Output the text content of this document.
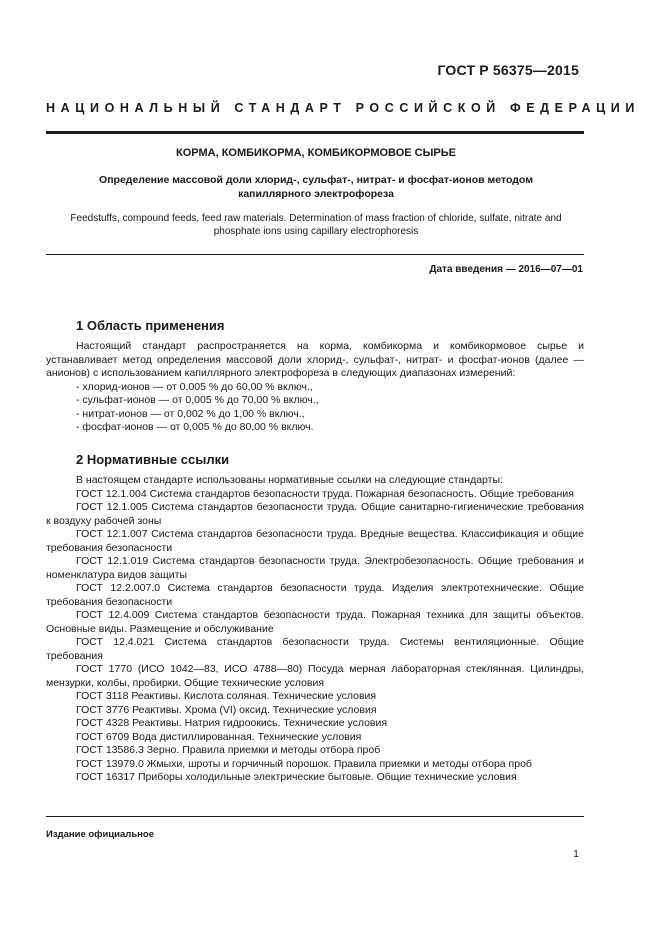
ГОСТ Р 56375—2015
НАЦИОНАЛЬНЫЙ СТАНДАРТ РОССИЙСКОЙ ФЕДЕРАЦИИ
КОРМА, КОМБИКОРМА, КОМБИКОРМОВОЕ СЫРЬЕ
Определение массовой доли хлорид-, сульфат-, нитрат- и фосфат-ионов методом капиллярного электрофореза
Feedstuffs, compound feeds, feed raw materials. Determination of mass fraction of chloride, sulfate, nitrate and phosphate ions using capillary electrophoresis
Дата введения — 2016—07—01
1 Область применения

Настоящий стандарт распространяется на корма, комбикорма и комбикормовое сырье и устанавливает метод определения массовой доли хлорид-, сульфат-, нитрат- и фосфат-ионов (далее — анионов) с использованием капиллярного электрофореза в следующих диапазонах измерений:

- хлорид-ионов — от 0,005 % до 60,00 % включ.,

- сульфат-ионов — от 0,005 % до 70,00 % включ.,

- нитрат-ионов — от 0,002 % до 1,00 % включ.,

- фосфат-ионов — от 0,005 % до 80,00 % включ.

2 Нормативные ссылки

В настоящем стандарте использованы нормативные ссылки на следующие стандарты:

ГОСТ 12.1.004 Система стандартов безопасности труда. Пожарная безопасность. Общие требования

ГОСТ 12.1.005 Система стандартов безопасности труда. Общие санитарно-гигиенические требования к воздуху рабочей зоны

ГОСТ 12.1.007 Система стандартов безопасности труда. Вредные вещества. Классификация и общие требования безопасности

ГОСТ 12.1.019 Система стандартов безопасности труда. Электробезопасность. Общие требования и номенклатура видов защиты

ГОСТ 12.2.007.0 Система стандартов безопасности труда. Изделия электротехнические. Общие требования безопасности

ГОСТ 12.4.009 Система стандартов безопасности труда. Пожарная техника для защиты объектов. Основные виды. Размещение и обслуживание

ГОСТ 12.4.021 Система стандартов безопасности труда. Системы вентиляционные. Общие требования

ГОСТ 1770 (ИСО 1042—83, ИСО 4788—80) Посуда мерная лабораторная стеклянная. Цилиндры, мензурки, колбы, пробирки. Общие технические условия

ГОСТ 3118 Реактивы. Кислота соляная. Технические условия

ГОСТ 3776 Реактивы. Хрома (VI) оксид. Технические условия

ГОСТ 4328 Реактивы. Натрия гидроокись. Технические условия

ГОСТ 6709 Вода дистиллированная. Технические условия

ГОСТ 13586.3 Зерно. Правила приемки и методы отбора проб

ГОСТ 13979.0 Жмыхи, шроты и горчичный порошок. Правила приемки и методы отбора проб

ГОСТ 16317 Приборы холодильные электрические бытовые. Общие технические условия

Издание официальное
1
